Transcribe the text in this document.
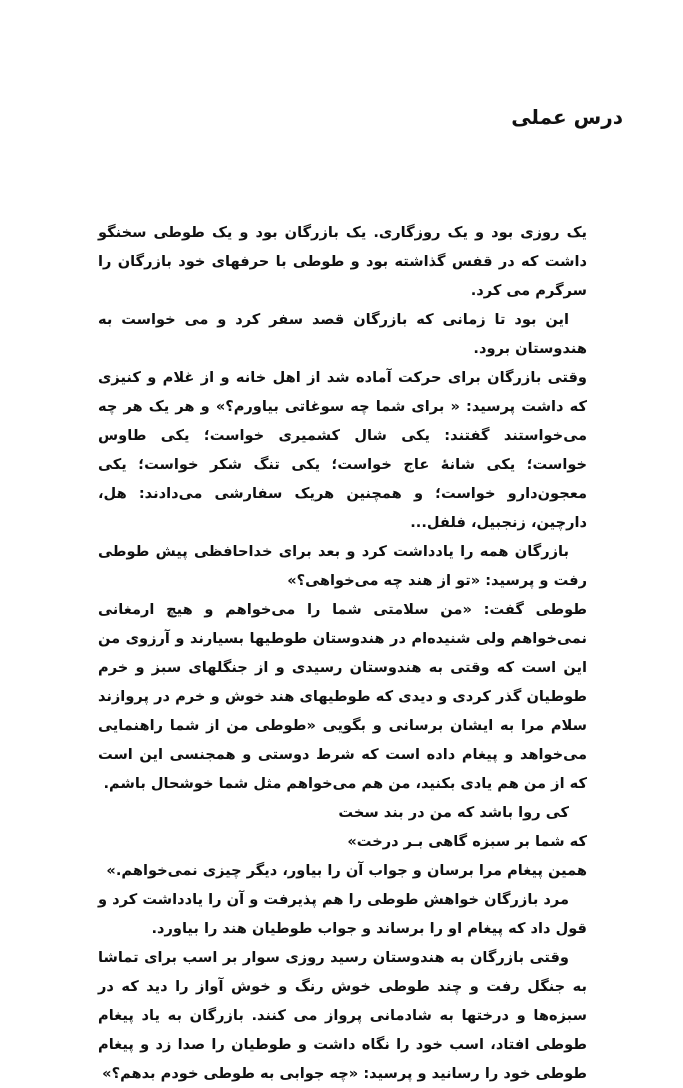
درس عملی

یک روزی بود و یک روزگاری. یک بازرگان بود و یک طوطی سخنگو داشت که در قفس گذاشته بود و طوطی با حرفهای خود بازرگان را سرگرم می کرد.

این بود تا زمانی که بازرگان قصد سفر کرد و می خواست به هندوستان برود.

وقتی بازرگان برای حرکت آماده شد از اهل خانه و از غلام و کنیزی که داشت پرسید: « برای شما چه سوغاتی بیاورم؟» و هر یک هر چه می‌خواستند گفتند: یکی شال کشمیری خواست؛ یکی طاوس خواست؛ یکی شانهٔ عاج خواست؛ یکی تنگ شکر خواست؛ یکی معجون‌دارو خواست؛ و همچنین هریک سفارشی می‌دادند: هل، دارچین، زنجبیل، فلفل...

بازرگان همه را یادداشت کرد و بعد برای خداحافظی پیش طوطی رفت و پرسید: «تو از هند چه می‌خواهی؟»

طوطی گفت: «من سلامتی شما را می‌خواهم و هیچ ارمغانی نمی‌خواهم ولی شنیده‌ام در هندوستان طوطیها بسیارند و آرزوی من این است که وقتی به هندوستان رسیدی و از جنگلهای سبز و خرم طوطیان گذر کردی و دیدی که طوطیهای هند خوش و خرم در پروازند سلام مرا به ایشان برسانی و بگویی «طوطی من از شما راهنمایی می‌خواهد و پیغام داده است که شرط دوستی و همجنسی این است که از من هم یادی بکنید، من هم می‌خواهم مثل شما خوشحال باشم.

کی روا باشد که من در بند سختکه شما بر سبزه گاهی بـر درخت»

همین پیغام مرا برسان و جواب آن را بیاور، دیگر چیزی نمی‌خواهم.»

مرد بازرگان خواهش طوطی را هم پذیرفت و آن را یادداشت کرد و قول داد که پیغام او را برساند و جواب طوطیان هند را بیاورد.

وقتی بازرگان به هندوستان رسید روزی سوار بر اسب برای تماشا به جنگل رفت و چند طوطی خوش رنگ و خوش آواز را دید که در سبزه‌ها و درختها به شادمانی پرواز می کنند. بازرگان به یاد پیغام طوطی افتاد، اسب خود را نگاه داشت و طوطیان را صدا زد و پیغام طوطی خود را رسانید و پرسید: «چه جوابی به طوطی خودم بدهم؟»
